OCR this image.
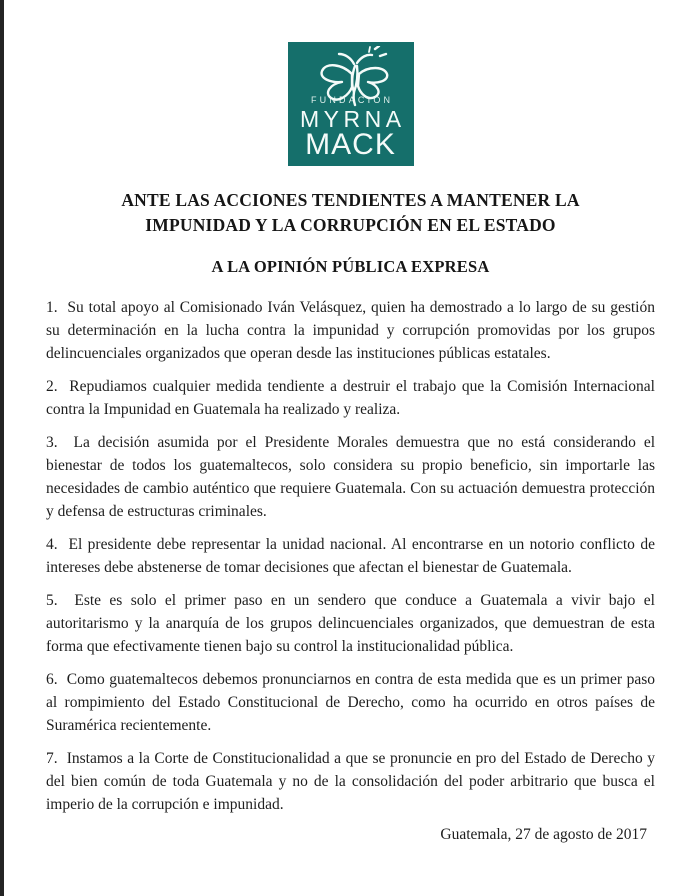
FUNDACIÓN
MYRNA
MACK
ANTE LAS ACCIONES TENDIENTES A MANTENER LA
IMPUNIDAD Y LA CORRUPCIÓN EN EL ESTADO
A LA OPINIÓN PÚBLICA EXPRESA

1.  Su total apoyo al Comisionado Iván Velásquez, quien ha demostrado a lo largo de su gestión su determinación en la lucha contra la impunidad y corrupción promovidas por los grupos delincuenciales organizados que operan desde las instituciones públicas estatales.

2.  Repudiamos cualquier medida tendiente a destruir el trabajo que la Comisión Internacional contra la Impunidad en Guatemala ha realizado y realiza.

3.  La decisión asumida por el Presidente Morales demuestra que no está considerando el bienestar de todos los guatemaltecos, solo considera su propio beneficio, sin importarle las necesidades de cambio auténtico que requiere Guatemala. Con su actuación demuestra protección y defensa de estructuras criminales.

4.  El presidente debe representar la unidad nacional. Al encontrarse en un notorio conflicto de intereses debe abstenerse de tomar decisiones que afectan el bienestar de Guatemala.

5.  Este es solo el primer paso en un sendero que conduce a Guatemala a vivir bajo el autoritarismo y la anarquía de los grupos delincuenciales organizados, que demuestran de esta forma que efectivamente tienen bajo su control la institucionalidad pública.

6.  Como guatemaltecos debemos pronunciarnos en contra de esta medida que es un primer paso al rompimiento del Estado Constitucional de Derecho, como ha ocurrido en otros países de Suramérica recientemente.

7.  Instamos a la Corte de Constitucionalidad a que se pronuncie en pro del Estado de Derecho y del bien común de toda Guatemala y no de la consolidación del poder arbitrario que busca el imperio de la corrupción e impunidad.

Guatemala, 27 de agosto de 2017
